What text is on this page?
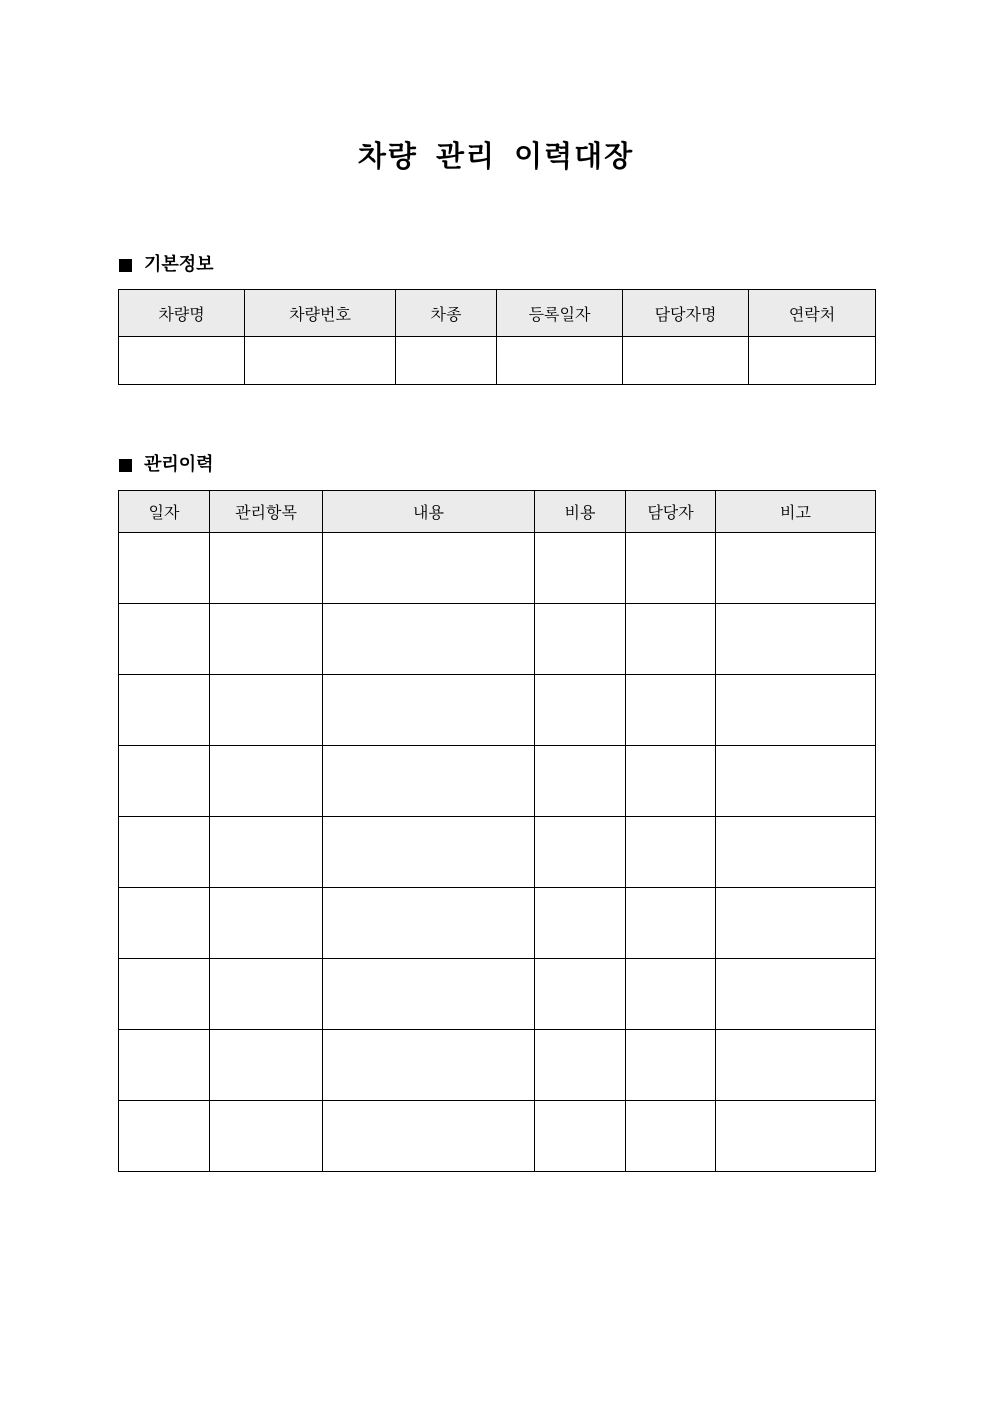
차량 관리 이력대장
기본정보
차량명	차량번호	차종	등록일자	담당자명	연락처

관리이력
일자	관리항목	내용	비용	담당자	비고
